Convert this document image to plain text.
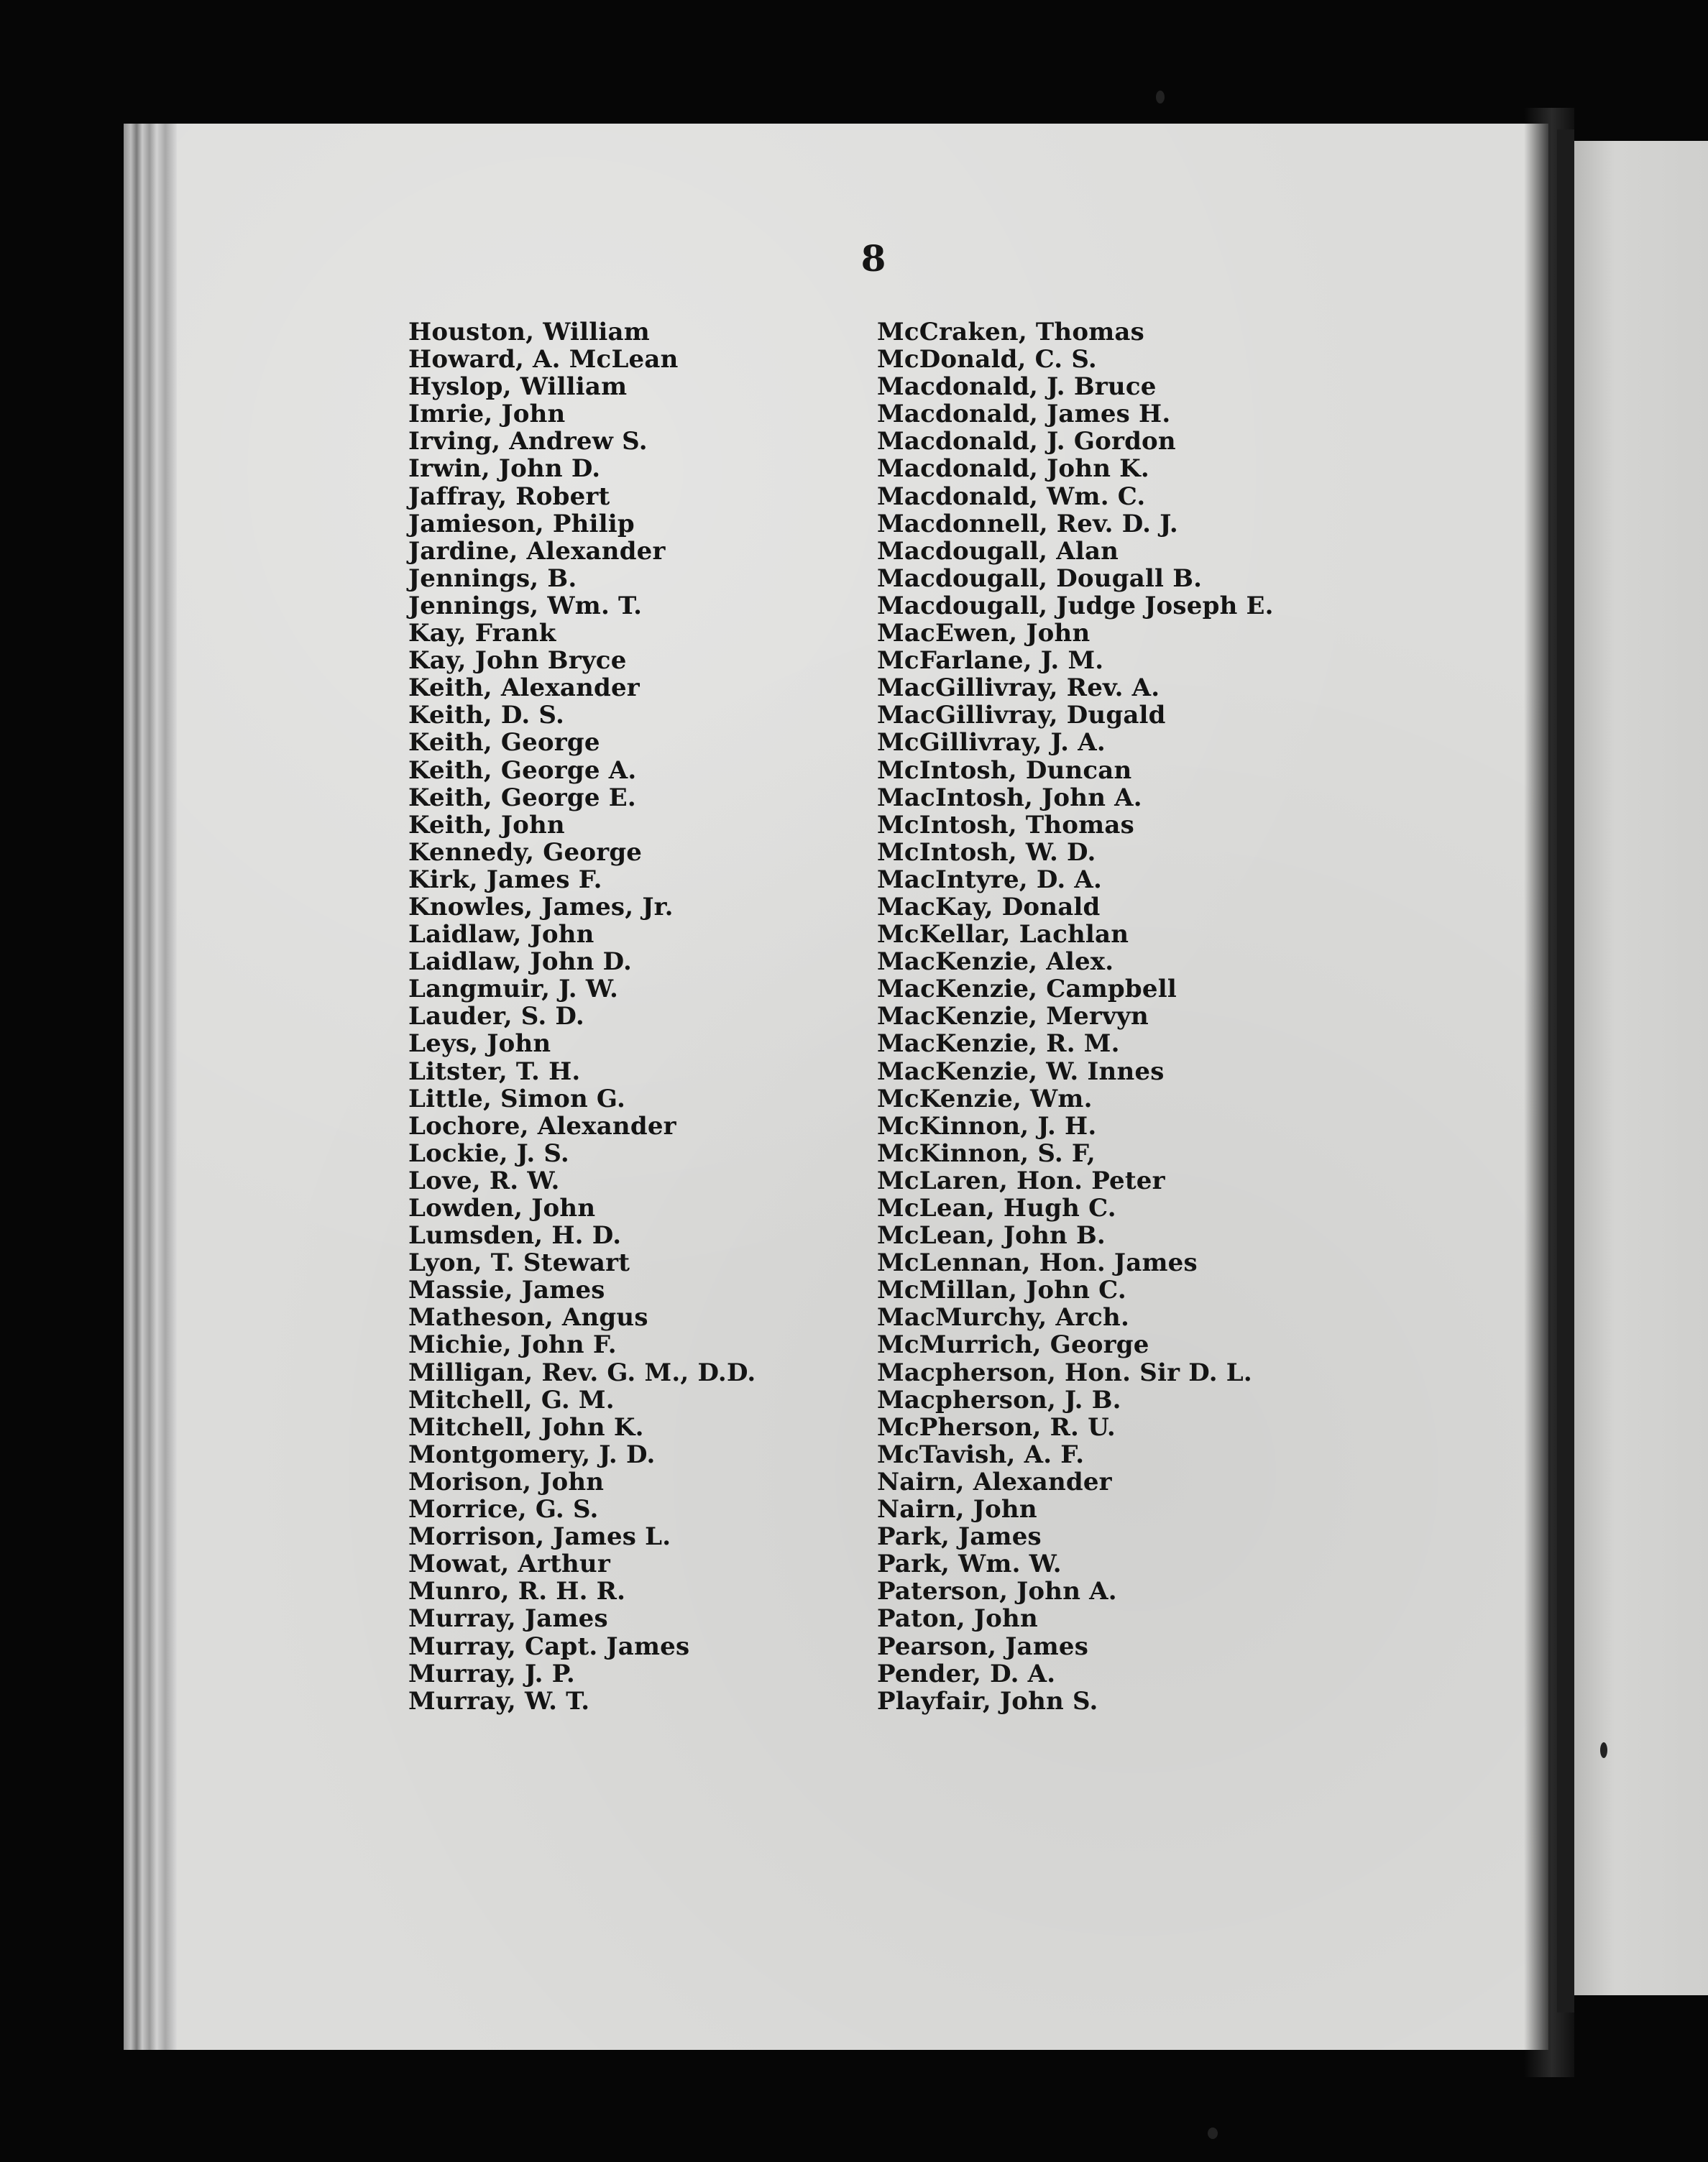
8
Houston, William
Howard, A. McLean
Hyslop, William
Imrie, John
Irving, Andrew S.
Irwin, John D.
Jaffray, Robert
Jamieson, Philip
Jardine, Alexander
Jennings, B.
Jennings, Wm. T.
Kay, Frank
Kay, John Bryce
Keith, Alexander
Keith, D. S.
Keith, George
Keith, George A.
Keith, George E.
Keith, John
Kennedy, George
Kirk, James F.
Knowles, James, Jr.
Laidlaw, John
Laidlaw, John D.
Langmuir, J. W.
Lauder, S. D.
Leys, John
Litster, T. H.
Little, Simon G.
Lochore, Alexander
Lockie, J. S.
Love, R. W.
Lowden, John
Lumsden, H. D.
Lyon, T. Stewart
Massie, James
Matheson, Angus
Michie, John F.
Milligan, Rev. G. M., D.D.
Mitchell, G. M.
Mitchell, John K.
Montgomery, J. D.
Morison, John
Morrice, G. S.
Morrison, James L.
Mowat, Arthur
Munro, R. H. R.
Murray, James
Murray, Capt. James
Murray, J. P.
Murray, W. T.
McCraken, Thomas
McDonald, C. S.
Macdonald, J. Bruce
Macdonald, James H.
Macdonald, J. Gordon
Macdonald, John K.
Macdonald, Wm. C.
Macdonnell, Rev. D. J.
Macdougall, Alan
Macdougall, Dougall B.
Macdougall, Judge Joseph E.
MacEwen, John
McFarlane, J. M.
MacGillivray, Rev. A.
MacGillivray, Dugald
McGillivray, J. A.
McIntosh, Duncan
MacIntosh, John A.
McIntosh, Thomas
McIntosh, W. D.
MacIntyre, D. A.
MacKay, Donald
McKellar, Lachlan
MacKenzie, Alex.
MacKenzie, Campbell
MacKenzie, Mervyn
MacKenzie, R. M.
MacKenzie, W. Innes
McKenzie, Wm.
McKinnon, J. H.
McKinnon, S. F,
McLaren, Hon. Peter
McLean, Hugh C.
McLean, John B.
McLennan, Hon. James
McMillan, John C.
MacMurchy, Arch.
McMurrich, George
Macpherson, Hon. Sir D. L.
Macpherson, J. B.
McPherson, R. U.
McTavish, A. F.
Nairn, Alexander
Nairn, John
Park, James
Park, Wm. W.
Paterson, John A.
Paton, John
Pearson, James
Pender, D. A.
Playfair, John S.
